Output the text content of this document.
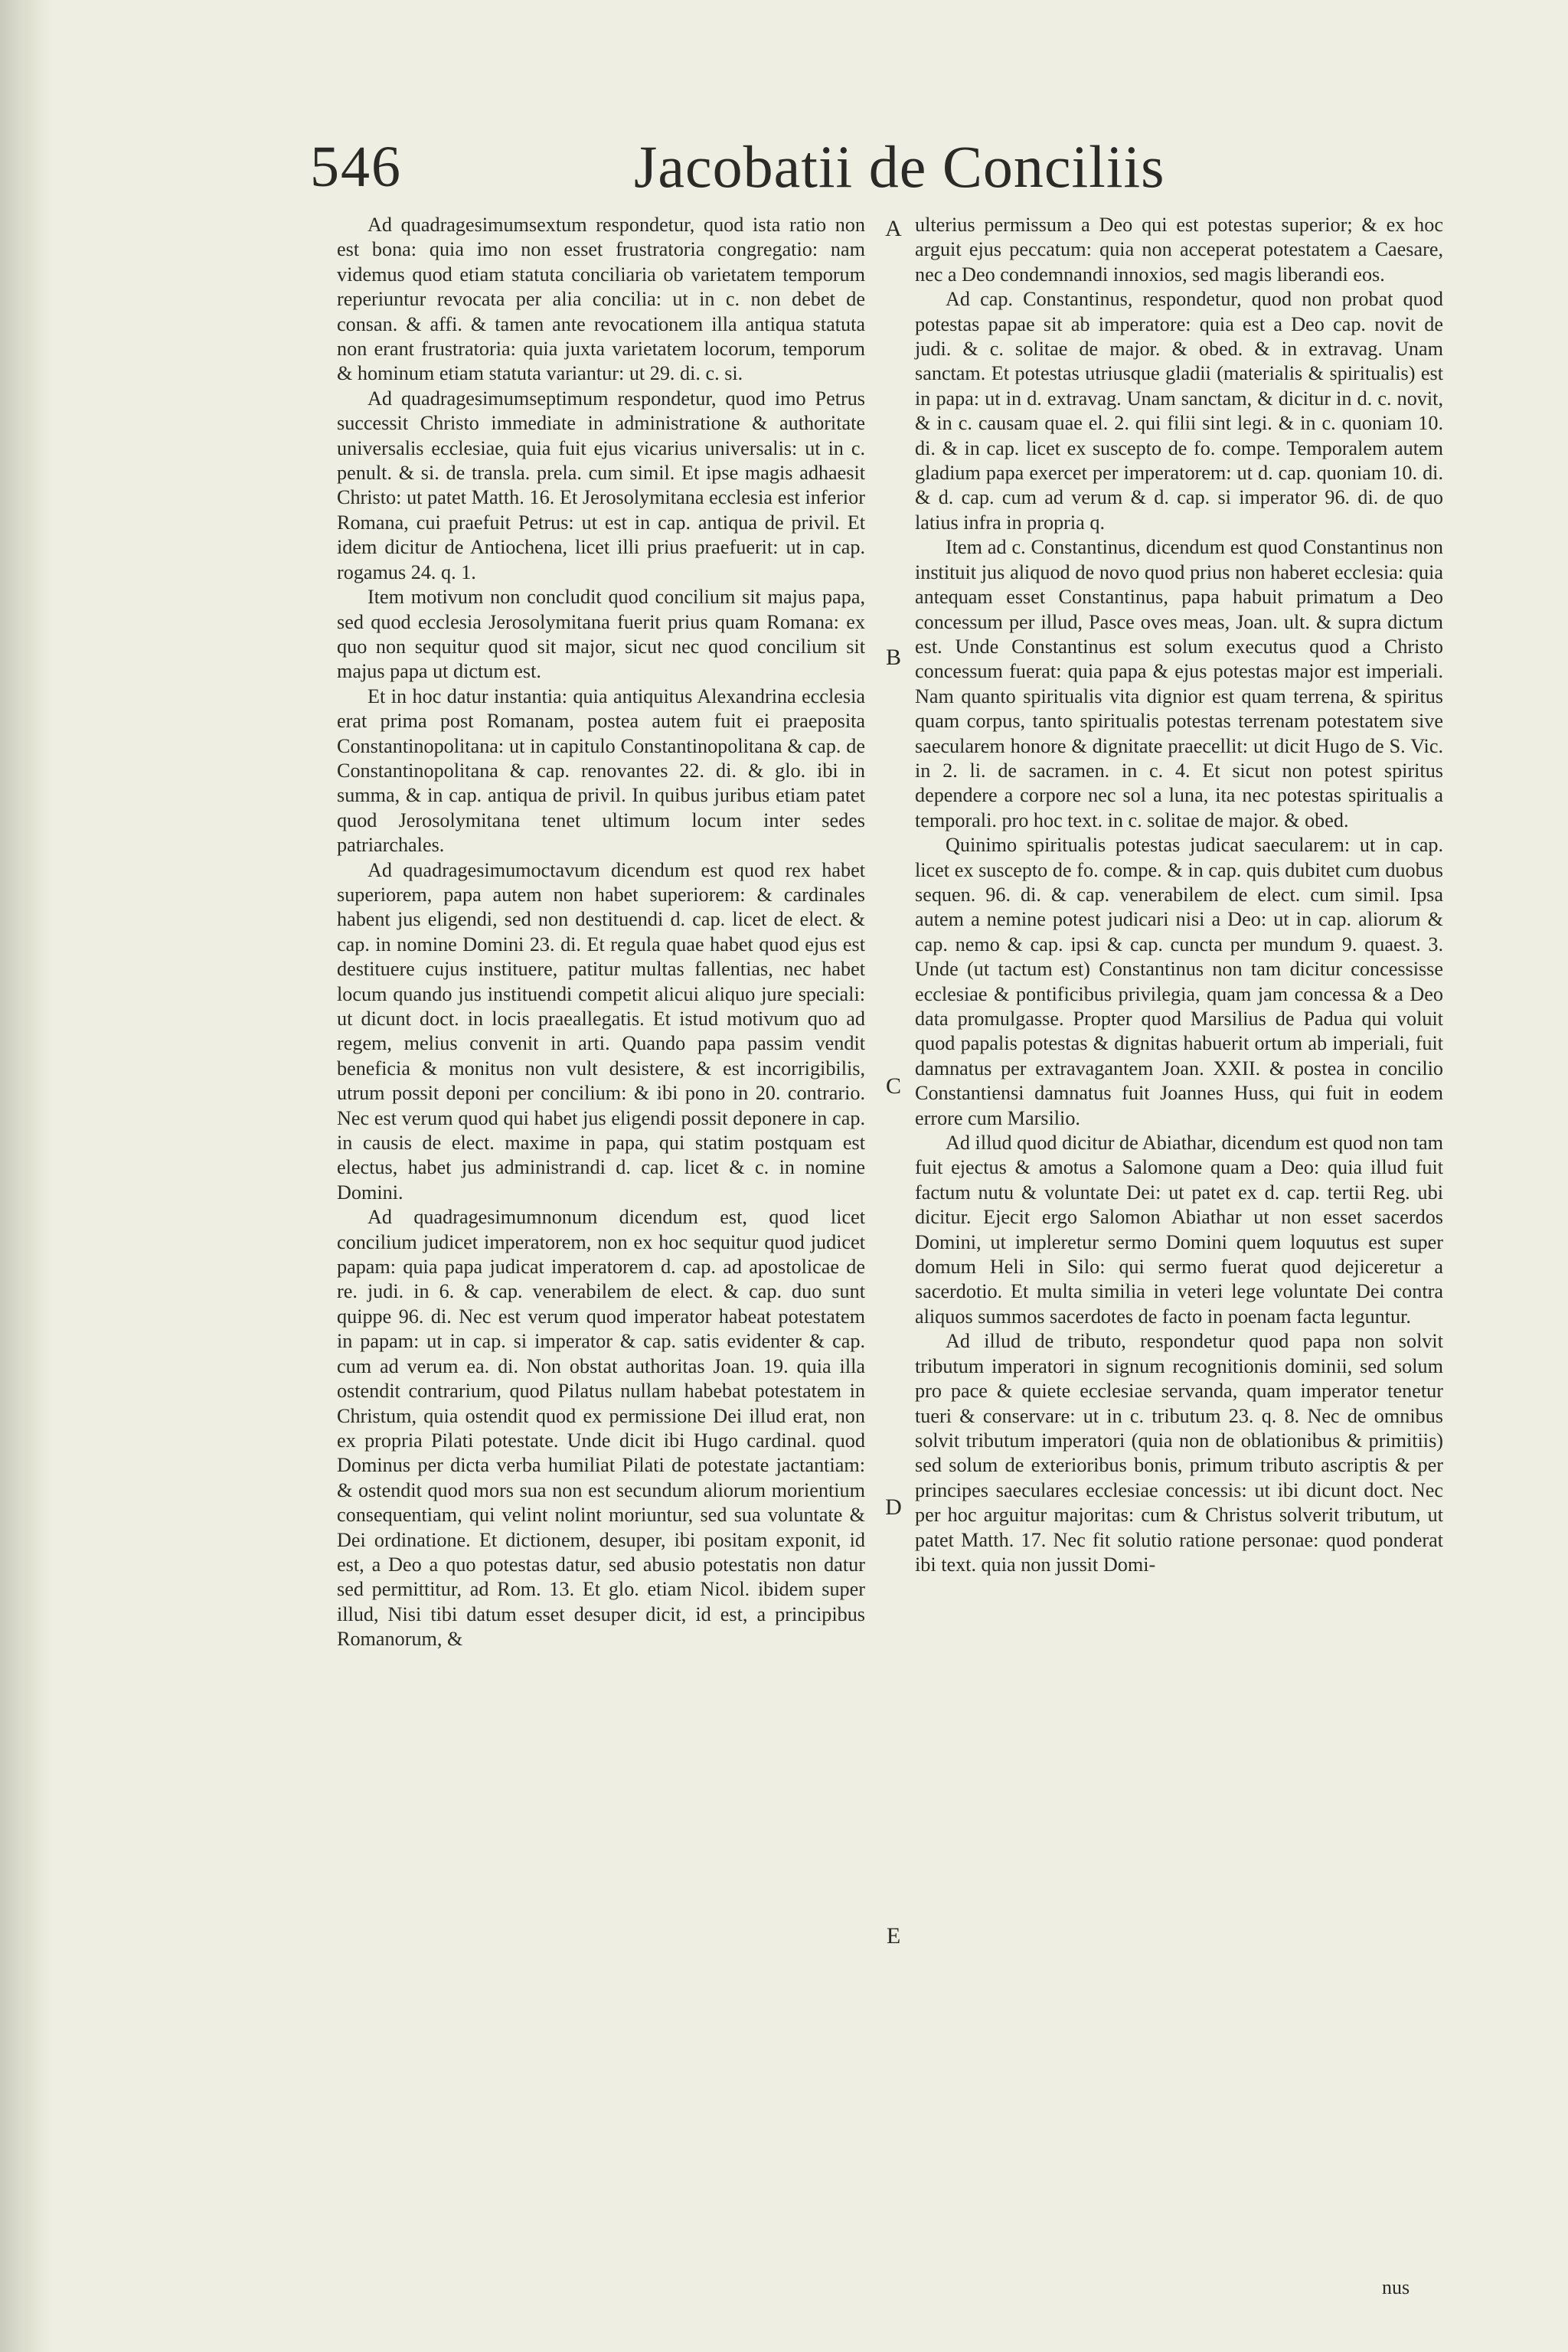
546	Jacobatii de Conciliis

Ad quadragesimumsextum respondetur, quod ista ratio non est bona: quia imo non esset frustratoria congregatio: nam videmus quod etiam statuta conciliaria ob varietatem temporum reperiuntur revocata per alia concilia: ut in c. non debet de consan. & affi. & tamen ante revocationem illa antiqua statuta non erant frustratoria: quia juxta varietatem locorum, temporum & hominum etiam statuta variantur: ut 29. di. c. si.

Ad quadragesimumseptimum respondetur, quod imo Petrus successit Christo immediate in administratione & authoritate universalis ecclesiae, quia fuit ejus vicarius universalis: ut in c. penult. & si. de transla. prela. cum simil. Et ipse magis adhaesit Christo: ut patet Matth. 16. Et Jerosolymitana ecclesia est inferior Romana, cui praefuit Petrus: ut est in cap. antiqua de privil. Et idem dicitur de Antiochena, licet illi prius praefuerit: ut in cap. rogamus 24. q. 1.

Item motivum non concludit quod concilium sit majus papa, sed quod ecclesia Jerosolymitana fuerit prius quam Romana: ex quo non sequitur quod sit major, sicut nec quod concilium sit majus papa ut dictum est.

Et in hoc datur instantia: quia antiquitus Alexandrina ecclesia erat prima post Romanam, postea autem fuit ei praeposita Constantinopolitana: ut in capitulo Constantinopolitana & cap. de Constantinopolitana & cap. renovantes 22. di. & glo. ibi in summa, & in cap. antiqua de privil. In quibus juribus etiam patet quod Jerosolymitana tenet ultimum locum inter sedes patriarchales.

Ad quadragesimumoctavum dicendum est quod rex habet superiorem, papa autem non habet superiorem: & cardinales habent jus eligendi, sed non destituendi d. cap. licet de elect. & cap. in nomine Domini 23. di. Et regula quae habet quod ejus est destituere cujus instituere, patitur multas fallentias, nec habet locum quando jus instituendi competit alicui aliquo jure speciali: ut dicunt doct. in locis praeallegatis. Et istud motivum quo ad regem, melius convenit in arti. Quando papa passim vendit beneficia & monitus non vult desistere, & est incorrigibilis, utrum possit deponi per concilium: & ibi pono in 20. contrario. Nec est verum quod qui habet jus eligendi possit deponere in cap. in causis de elect. maxime in papa, qui statim postquam est electus, habet jus administrandi d. cap. licet & c. in nomine Domini.

Ad quadragesimumnonum dicendum est, quod licet concilium judicet imperatorem, non ex hoc sequitur quod judicet papam: quia papa judicat imperatorem d. cap. ad apostolicae de re. judi. in 6. & cap. venerabilem de elect. & cap. duo sunt quippe 96. di. Nec est verum quod imperator habeat potestatem in papam: ut in cap. si imperator & cap. satis evidenter & cap. cum ad verum ea. di. Non obstat authoritas Joan. 19. quia illa ostendit contrarium, quod Pilatus nullam habebat potestatem in Christum, quia ostendit quod ex permissione Dei illud erat, non ex propria Pilati potestate. Unde dicit ibi Hugo cardinal. quod Dominus per dicta verba humiliat Pilati de potestate jactantiam: & ostendit quod mors sua non est secundum aliorum morientium consequentiam, qui velint nolint moriuntur, sed sua voluntate & Dei ordinatione. Et dictionem, desuper, ibi positam exponit, id est, a Deo a quo potestas datur, sed abusio potestatis non datur sed permittitur, ad Rom. 13. Et glo. etiam Nicol. ibidem super illud, Nisi tibi datum esset desuper dicit, id est, a principibus Romanorum, &

A
B
C
D
E

ulterius permissum a Deo qui est potestas superior; & ex hoc arguit ejus peccatum: quia non acceperat potestatem a Caesare, nec a Deo condemnandi innoxios, sed magis liberandi eos.

Ad cap. Constantinus, respondetur, quod non probat quod potestas papae sit ab imperatore: quia est a Deo cap. novit de judi. & c. solitae de major. & obed. & in extravag. Unam sanctam. Et potestas utriusque gladii (materialis & spiritualis) est in papa: ut in d. extravag. Unam sanctam, & dicitur in d. c. novit, & in c. causam quae el. 2. qui filii sint legi. & in c. quoniam 10. di. & in cap. licet ex suscepto de fo. compe. Temporalem autem gladium papa exercet per imperatorem: ut d. cap. quoniam 10. di. & d. cap. cum ad verum & d. cap. si imperator 96. di. de quo latius infra in propria q.

Item ad c. Constantinus, dicendum est quod Constantinus non instituit jus aliquod de novo quod prius non haberet ecclesia: quia antequam esset Constantinus, papa habuit primatum a Deo concessum per illud, Pasce oves meas, Joan. ult. & supra dictum est. Unde Constantinus est solum executus quod a Christo concessum fuerat: quia papa & ejus potestas major est imperiali. Nam quanto spiritualis vita dignior est quam terrena, & spiritus quam corpus, tanto spiritualis potestas terrenam potestatem sive saecularem honore & dignitate praecellit: ut dicit Hugo de S. Vic. in 2. li. de sacramen. in c. 4. Et sicut non potest spiritus dependere a corpore nec sol a luna, ita nec potestas spiritualis a temporali. pro hoc text. in c. solitae de major. & obed.

Quinimo spiritualis potestas judicat saecularem: ut in cap. licet ex suscepto de fo. compe. & in cap. quis dubitet cum duobus sequen. 96. di. & cap. venerabilem de elect. cum simil. Ipsa autem a nemine potest judicari nisi a Deo: ut in cap. aliorum & cap. nemo & cap. ipsi & cap. cuncta per mundum 9. quaest. 3. Unde (ut tactum est) Constantinus non tam dicitur concessisse ecclesiae & pontificibus privilegia, quam jam concessa & a Deo data promulgasse. Propter quod Marsilius de Padua qui voluit quod papalis potestas & dignitas habuerit ortum ab imperiali, fuit damnatus per extravagantem Joan. XXII. & postea in concilio Constantiensi damnatus fuit Joannes Huss, qui fuit in eodem errore cum Marsilio.

Ad illud quod dicitur de Abiathar, dicendum est quod non tam fuit ejectus & amotus a Salomone quam a Deo: quia illud fuit factum nutu & voluntate Dei: ut patet ex d. cap. tertii Reg. ubi dicitur. Ejecit ergo Salomon Abiathar ut non esset sacerdos Domini, ut impleretur sermo Domini quem loquutus est super domum Heli in Silo: qui sermo fuerat quod dejiceretur a sacerdotio. Et multa similia in veteri lege voluntate Dei contra aliquos summos sacerdotes de facto in poenam facta leguntur.

Ad illud de tributo, respondetur quod papa non solvit tributum imperatori in signum recognitionis dominii, sed solum pro pace & quiete ecclesiae servanda, quam imperator tenetur tueri & conservare: ut in c. tributum 23. q. 8. Nec de omnibus solvit tributum imperatori (quia non de oblationibus & primitiis) sed solum de exterioribus bonis, primum tributo ascriptis & per principes saeculares ecclesiae concessis: ut ibi dicunt doct. Nec per hoc arguitur majoritas: cum & Christus solverit tributum, ut patet Matth. 17. Nec fit solutio ratione personae: quod ponderat ibi text. quia non jussit Domi-

nus
